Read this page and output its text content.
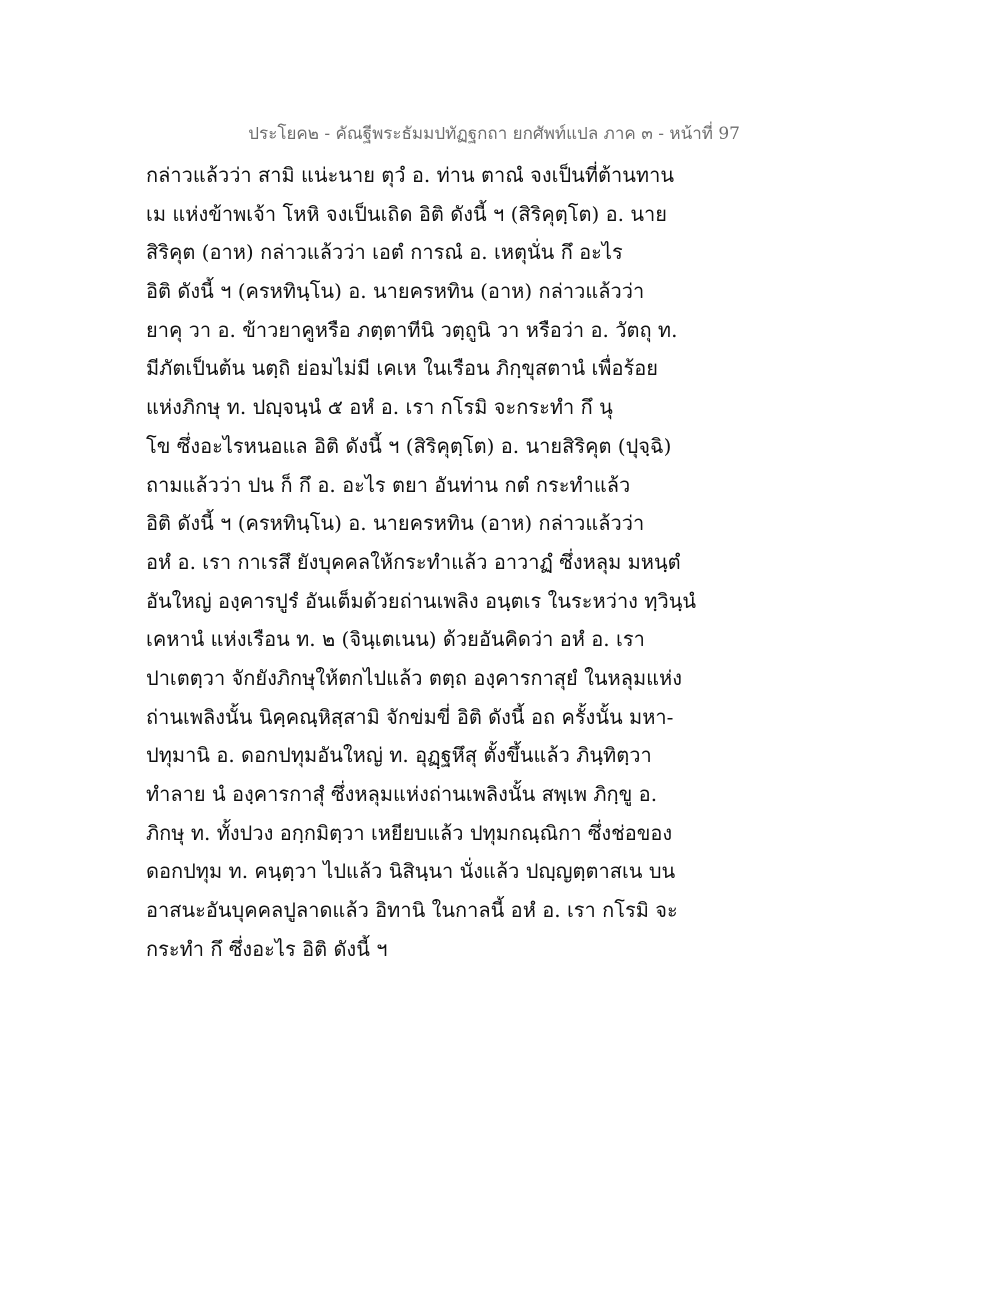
ประโยค๒ - คัณฐีพระธัมมปทัฏฐกถา ยกศัพท์แปล ภาค ๓ - หน้าที่ 97
กล่าวแล้วว่า สามิ แน่ะนาย ตุวํ อ. ท่าน ตาณํ จงเป็นที่ต้านทาน
เม แห่งข้าพเจ้า โหหิ จงเป็นเถิด อิติ ดังนี้ ฯ (สิริคุตฺโต) อ. นาย
สิริคุต (อาห) กล่าวแล้วว่า เอตํ การณํ อ. เหตุนั่น กึ อะไร
อิติ ดังนี้ ฯ (ครหทินฺโน) อ. นายครหทิน (อาห) กล่าวแล้วว่า
ยาคุ วา อ. ข้าวยาคูหรือ ภตฺตาทีนิ วตฺถูนิ วา หรือว่า อ. วัตถุ ท.
มีภัตเป็นต้น นตฺถิ ย่อมไม่มี เคเห ในเรือน ภิกฺขุสตานํ เพื่อร้อย
แห่งภิกษุ ท. ปญฺจนฺนํ ๕ อหํ อ. เรา กโรมิ จะกระทำ กึ นุ
โข ซึ่งอะไรหนอแล อิติ ดังนี้ ฯ (สิริคุตฺโต) อ. นายสิริคุต (ปุจฺฉิ)
ถามแล้วว่า ปน ก็ กึ อ. อะไร ตยา อันท่าน กตํ กระทำแล้ว
อิติ ดังนี้ ฯ (ครหทินฺโน) อ. นายครหทิน (อาห) กล่าวแล้วว่า
อหํ อ. เรา กาเรสึ ยังบุคคลให้กระทำแล้ว อาวาฏํ ซึ่งหลุม มหนฺตํ
อันใหญ่ องฺคารปูรํ อันเต็มด้วยถ่านเพลิง อนฺตเร ในระหว่าง ทฺวินฺนํ
เคหานํ แห่งเรือน ท. ๒ (จินฺเตเนน) ด้วยอันคิดว่า อหํ อ. เรา
ปาเตตฺวา จักยังภิกษุให้ตกไปแล้ว ตตฺถ องฺคารกาสุยํ ในหลุมแห่ง
ถ่านเพลิงนั้น นิคฺคณฺหิสฺสามิ จักข่มขี่ อิติ ดังนี้ อถ ครั้งนั้น มหา-
ปทุมานิ อ. ดอกปทุมอันใหญ่ ท. อุฏฺฐหึสุ ตั้งขึ้นแล้ว ภินฺทิตฺวา
ทำลาย นํ องฺคารกาสุํ ซึ่งหลุมแห่งถ่านเพลิงนั้น สพฺเพ ภิกฺขู อ.
ภิกษุ ท. ทั้งปวง อกฺกมิตฺวา เหยียบแล้ว ปทุมกณฺณิกา ซึ่งช่อของ
ดอกปทุม ท. คนฺตฺวา ไปแล้ว นิสินฺนา นั่งแล้ว ปญฺญตฺตาสเน บน
อาสนะอันบุคคลปูลาดแล้ว อิทานิ ในกาลนี้ อหํ อ. เรา กโรมิ จะ
กระทำ กึ ซึ่งอะไร อิติ ดังนี้ ฯ
